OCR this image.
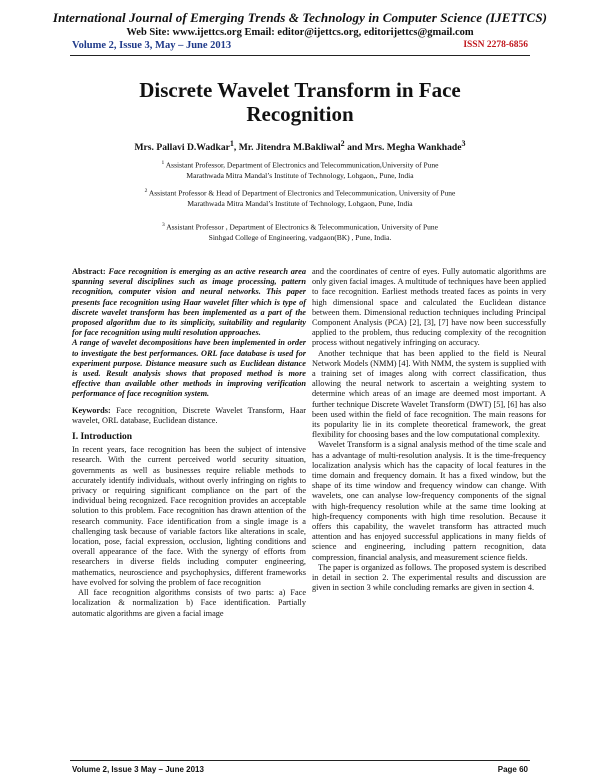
International Journal of Emerging Trends & Technology in Computer Science (IJETTCS)
Web Site: www.ijettcs.org Email: editor@ijettcs.org, editorijettcs@gmail.com
Volume 2, Issue 3, May – June 2013	ISSN 2278-6856
Discrete Wavelet Transform in Face
Recognition
Mrs. Pallavi D.Wadkar$^1$, Mr. Jitendra M.Bakliwal$^2$ and Mrs. Megha Wankhade$^3$
$^1$ Assistant Professor, Department of Electronics and Telecommunication,University of Pune
Marathwada Mitra Mandal’s Institute of Technology, Lohgaon,, Pune, India
$^2$ Assistant Professor & Head of Department of Electronics and Telecommunication, University of Pune
Marathwada Mitra Mandal’s Institute of Technology, Lohgaon, Pune, India
$^3$ Assistant Professor , Department of Electronics & Telecommunication, University of Pune
Sinhgad College of Engineering, vadgaon(BK) , Pune, India.

Abstract: Face recognition is emerging as an active research area spanning several disciplines such as image processing, pattern recognition, computer vision and neural networks. This paper presents face recognition using Haar wavelet filter which is type of discrete wavelet transform has been implemented as a part of the proposed algorithm due to its simplicity, suitability and regularity for face recognition using multi resolution approaches.

A range of wavelet decompositions have been implemented in order to investigate the best performances. ORL face database is used for experiment purpose. Distance measure such as Euclidean distance is used. Result analysis shows that proposed method is more effective than available other methods in improving verification performance of face recognition system.

Keywords: Face recognition, Discrete Wavelet Transform, Haar wavelet, ORL database, Euclidean distance.

I. Introduction

In recent years, face recognition has been the subject of intensive research. With the current perceived world security situation, governments as well as businesses require reliable methods to accurately identify individuals, without overly infringing on rights to privacy or requiring significant compliance on the part of the individual being recognized. Face recognition provides an acceptable solution to this problem. Face recognition has drawn attention of the research community. Face identification from a single image is a challenging task because of variable factors like alterations in scale, location, pose, facial expression, occlusion, lighting conditions and overall appearance of the face. With the synergy of efforts from researchers in diverse fields including computer engineering, mathematics, neuroscience and psychophysics, different frameworks have evolved for solving the problem of face recognition

All face recognition algorithms consists of two parts: a) Face localization & normalization b) Face identification. Partially automatic algorithms are given a facial image

and the coordinates of centre of eyes. Fully automatic algorithms are only given facial images. A multitude of techniques have been applied to face recognition. Earliest methods treated faces as points in very high dimensional space and calculated the Euclidean distance between them. Dimensional reduction techniques including Principal Component Analysis (PCA) [2], [3], [7] have now been successfully applied to the problem, thus reducing complexity of the recognition process without negatively infringing on accuracy.

Another technique that has been applied to the field is Neural Network Models (NMM) [4]. With NMM, the system is supplied with a training set of images along with correct classification, thus allowing the neural network to ascertain a weighting system to determine which areas of an image are deemed most important. A further technique Discrete Wavelet Transform (DWT) [5], [6] has also been used within the field of face recognition. The main reasons for its popularity lie in its complete theoretical framework, the great flexibility for choosing bases and the low computational complexity.

Wavelet Transform is a signal analysis method of the time scale and has a advantage of multi-resolution analysis. It is the time-frequency localization analysis which has the capacity of local features in the time domain and frequency domain. It has a fixed window, but the shape of its time window and frequency window can change. With wavelets, one can analyse low-frequency components of the signal with high-frequency resolution while at the same time looking at high-frequency components with high time resolution. Because it offers this capability, the wavelet transform has attracted much attention and has enjoyed successful applications in many fields of science and engineering, including pattern recognition, data compression, financial analysis, and measurement science fields.

The paper is organized as follows. The proposed system is described in detail in section 2. The experimental results and discussion are given in section 3 while concluding remarks are given in section 4.

Volume 2, Issue 3 May – June 2013	Page 60
